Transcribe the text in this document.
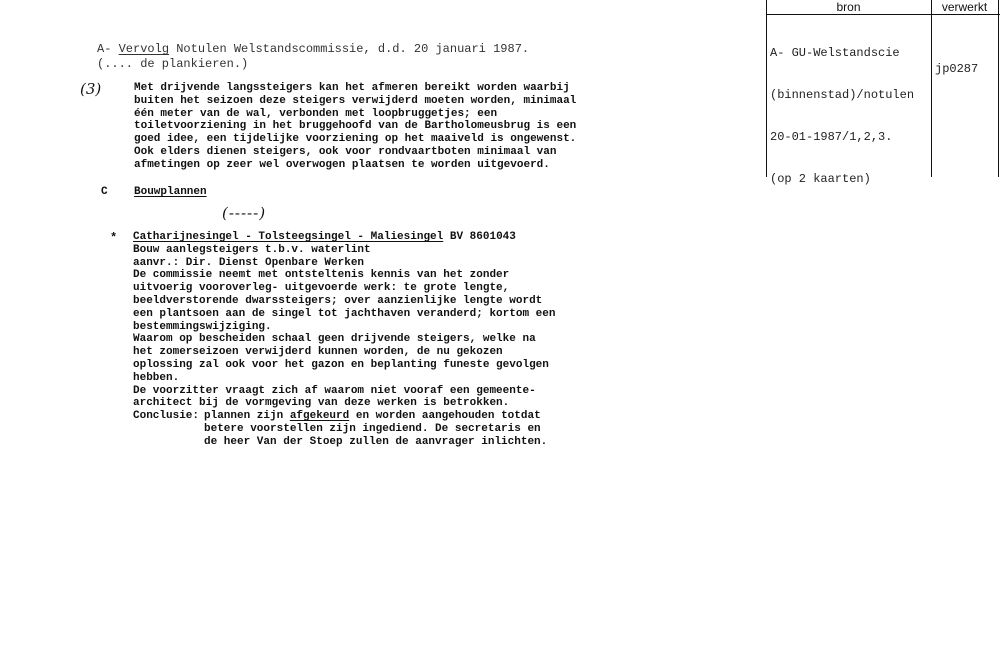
bron	verwerkt

A- GU-Welstandscie

(binnenstad)/notulen

20-01-1987/1,2,3.

(op 2 kaarten)

jp0287
A- Vervolg Notulen Welstandscommissie, d.d. 20 januari 1987.
(.... de plankieren.)
(3)	Met drijvende langssteigers kan het afmeren bereikt worden waarbij
buiten het seizoen deze steigers verwijderd moeten worden, minimaal
één meter van de wal, verbonden met loopbruggetjes; een
toiletvoorziening in het bruggehoofd van de Bartholomeusbrug is een
goed idee, een tijdelijke voorziening op het maaiveld is ongewenst.
Ook elders dienen steigers, ook voor rondvaartboten minimaal van
afmetingen op zeer wel overwogen plaatsen te worden uitgevoerd.
C Bouwplannen
(-----)
* Catharijnesingel - Tolsteegsingel - Maliesingel BV 8601043
Bouw aanlegsteigers t.b.v. waterlint
aanvr.: Dir. Dienst Openbare Werken
De commissie neemt met ontsteltenis kennis van het zonder
uitvoerig vooroverleg- uitgevoerde werk: te grote lengte,
beeldverstorende dwarssteigers; over aanzienlijke lengte wordt
een plantsoen aan de singel tot jachthaven veranderd; kortom een
bestemmingswijziging.
Waarom op bescheiden schaal geen drijvende steigers, welke na
het zomerseizoen verwijderd kunnen worden, de nu gekozen
oplossing zal ook voor het gazon en beplanting funeste gevolgen
hebben.
De voorzitter vraagt zich af waarom niet vooraf een gemeente-
architect bij de vormgeving van deze werken is betrokken.
Conclusie: plannen zijn afgekeurd en worden aangehouden totdat
betere voorstellen zijn ingediend. De secretaris en
de heer Van der Stoep zullen de aanvrager inlichten.
